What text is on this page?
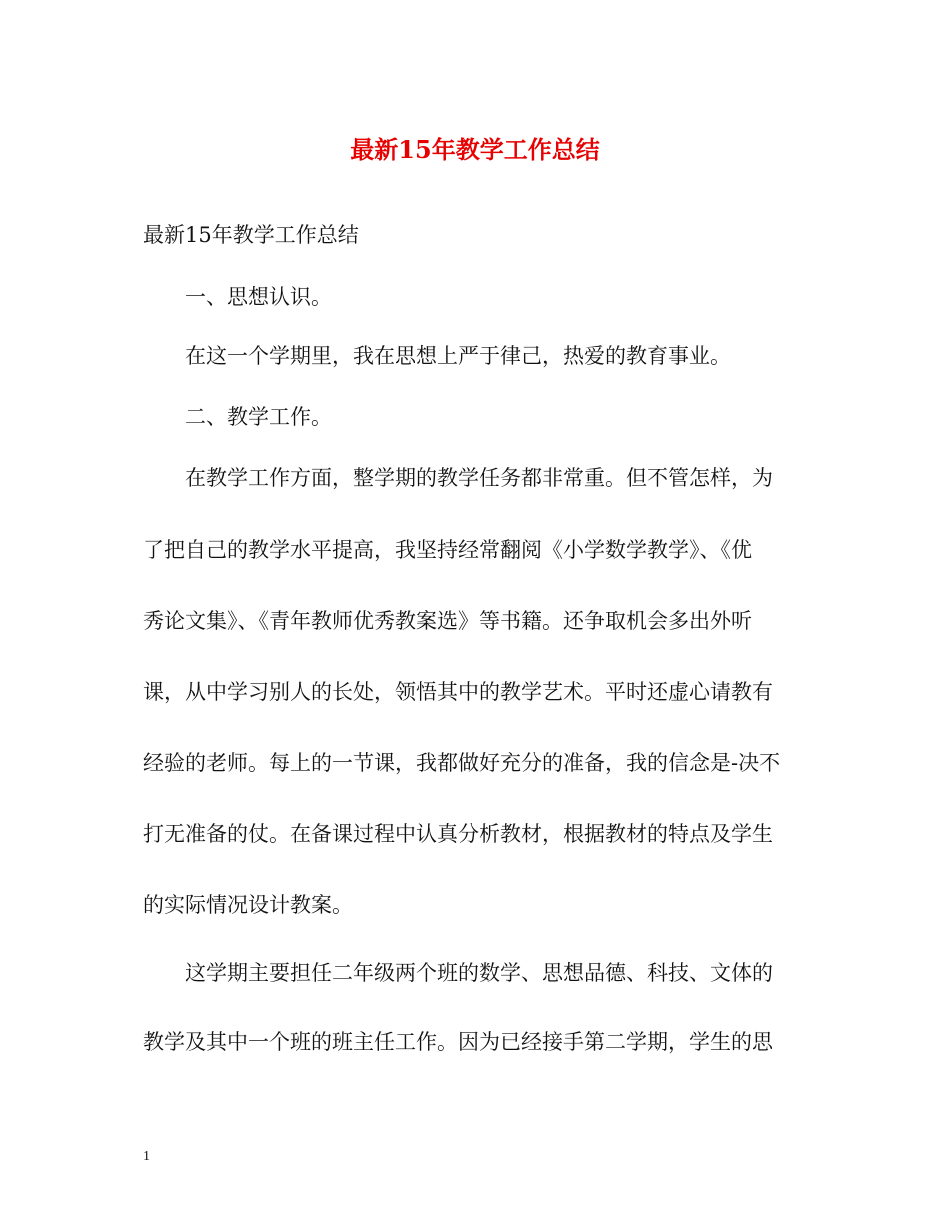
最新15年教学工作总结

最新15年教学工作总结

一、思想认识。

在这一个学期里，我在思想上严于律己，热爱的教育事业。

二、教学工作。

在教学工作方面，整学期的教学任务都非常重。但不管怎样，为

了把自己的教学水平提高，我坚持经常翻阅《小学数学教学》、《优

秀论文集》、《青年教师优秀教案选》等书籍。还争取机会多出外听

课，从中学习别人的长处，领悟其中的教学艺术。平时还虚心请教有

经验的老师。每上的一节课，我都做好充分的准备，我的信念是-决不

打无准备的仗。在备课过程中认真分析教材，根据教材的特点及学生

的实际情况设计教案。

这学期主要担任二年级两个班的数学、思想品德、科技、文体的

教学及其中一个班的班主任工作。因为已经接手第二学期，学生的思

1
